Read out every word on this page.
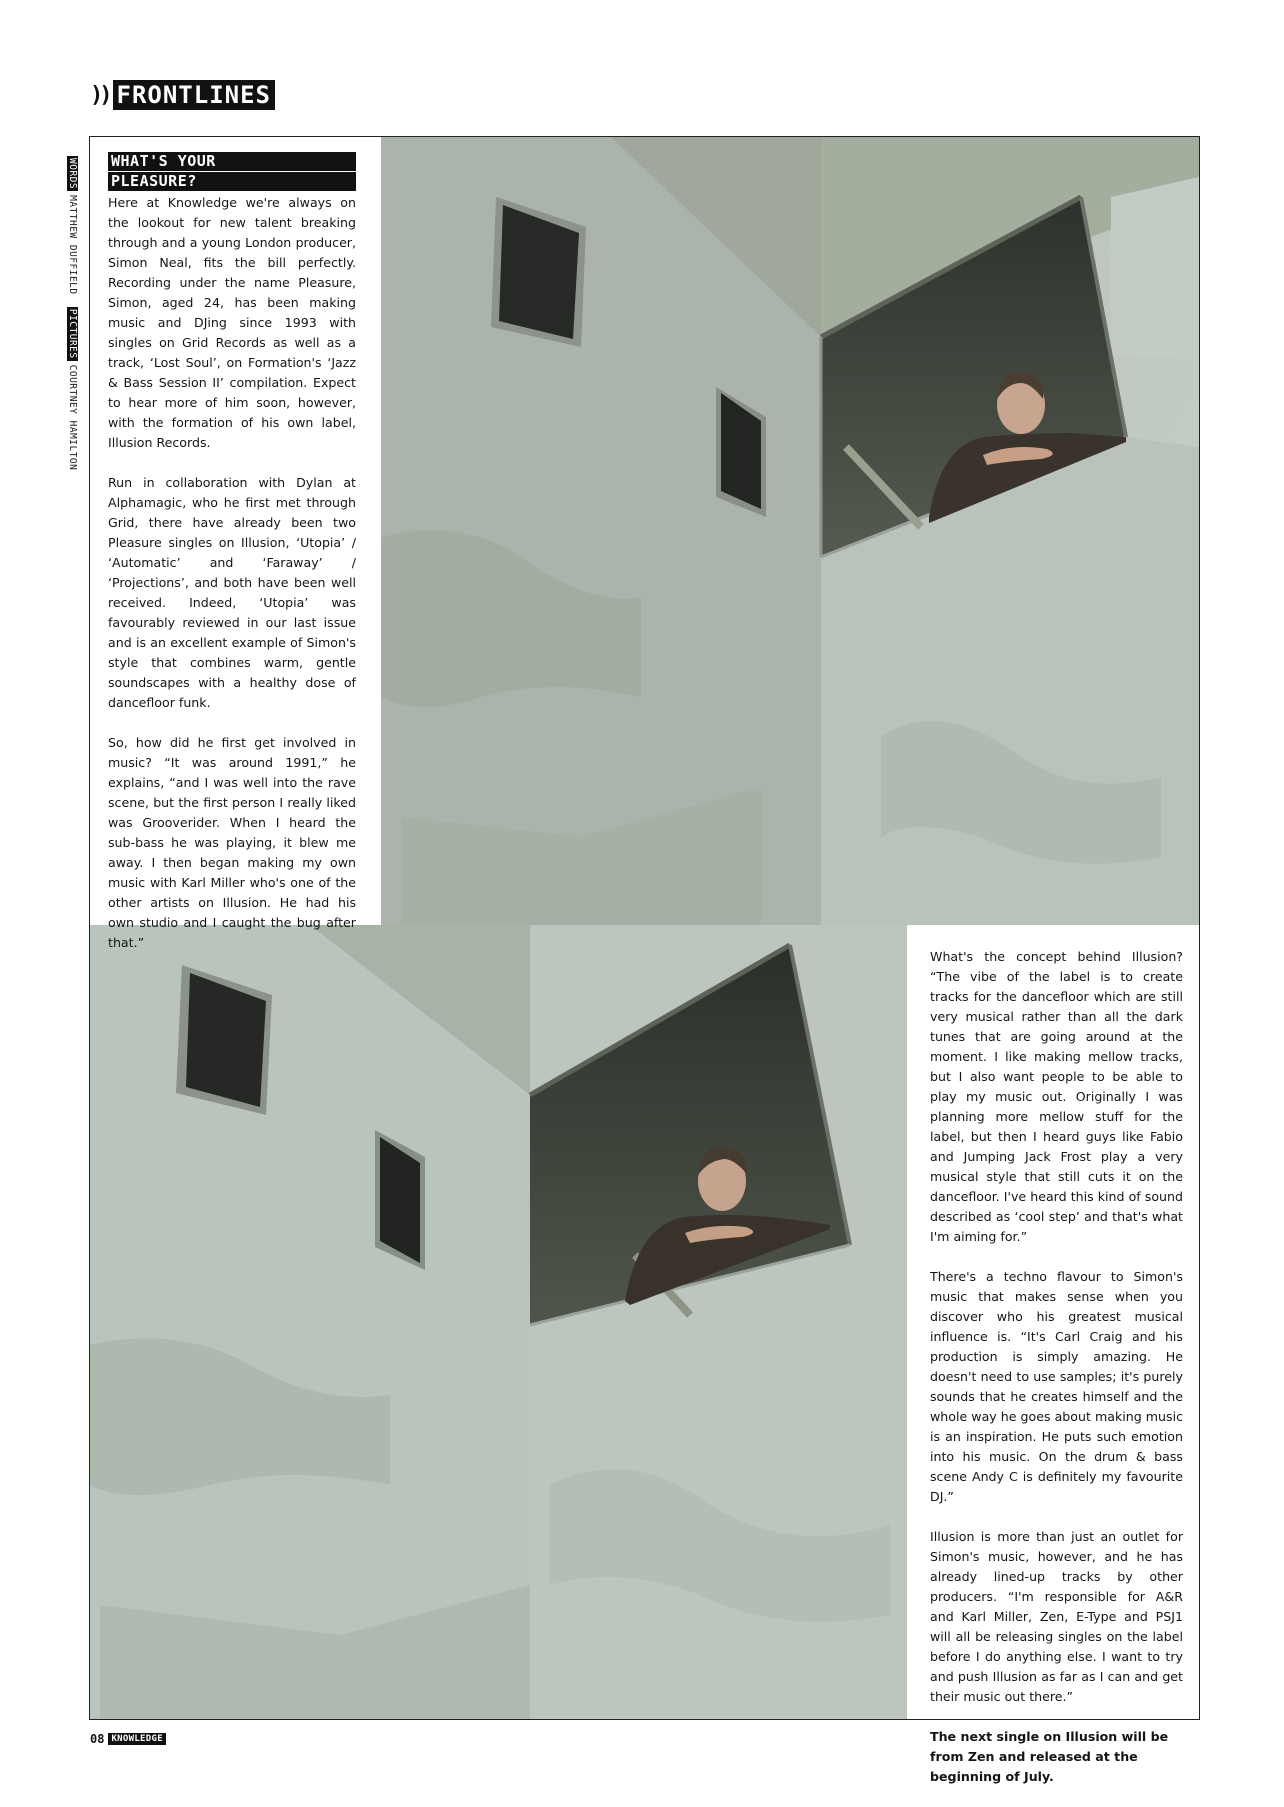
)) FRONTLINES
WORDSMATTHEW DUFFIELD PICTURESCOURTNEY HAMILTON
WHAT'S YOUR
PLEASURE?

Here at Knowledge we're always on the lookout for new talent breaking through and a young London producer, Simon Neal, fits the bill perfectly. Recording under the name Pleasure, Simon, aged 24, has been making music and DJing since 1993 with singles on Grid Records as well as a track, ‘Lost Soul’, on Formation's ‘Jazz & Bass Session II’ compilation. Expect to hear more of him soon, however, with the formation of his own label, Illusion Records.

Run in collaboration with Dylan at Alphamagic, who he first met through Grid, there have already been two Pleasure singles on Illusion, ‘Utopia’ / ‘Automatic’ and ‘Faraway’ / ‘Projections’, and both have been well received. Indeed, ‘Utopia’ was favourably reviewed in our last issue and is an excellent example of Simon's style that combines warm, gentle soundscapes with a healthy dose of dancefloor funk.

So, how did he first get involved in music? “It was around 1991,” he explains, “and I was well into the rave scene, but the first person I really liked was Grooverider. When I heard the sub-bass he was playing, it blew me away. I then began making my own music with Karl Miller who's one of the other artists on Illusion. He had his own studio and I caught the bug after that.”

What's the concept behind Illusion? “The vibe of the label is to create tracks for the dancefloor which are still very musical rather than all the dark tunes that are going around at the moment. I like making mellow tracks, but I also want people to be able to play my music out. Originally I was planning more mellow stuff for the label, but then I heard guys like Fabio and Jumping Jack Frost play a very musical style that still cuts it on the dancefloor. I've heard this kind of sound described as ‘cool step’ and that's what I'm aiming for.”

There's a techno flavour to Simon's music that makes sense when you discover who his greatest musical influence is. “It's Carl Craig and his production is simply amazing. He doesn't need to use samples; it's purely sounds that he creates himself and the whole way he goes about making music is an inspiration. He puts such emotion into his music. On the drum & bass scene Andy C is definitely my favourite DJ.”

Illusion is more than just an outlet for Simon's music, however, and he has already lined-up tracks by other producers. “I'm responsible for A&R and Karl Miller, Zen, E-Type and PSJ1 will all be releasing singles on the label before I do anything else. I want to try and push Illusion as far as I can and get their music out there.”

The next single on Illusion will be from Zen and released at the beginning of July.

08 KNOWLEDGE
